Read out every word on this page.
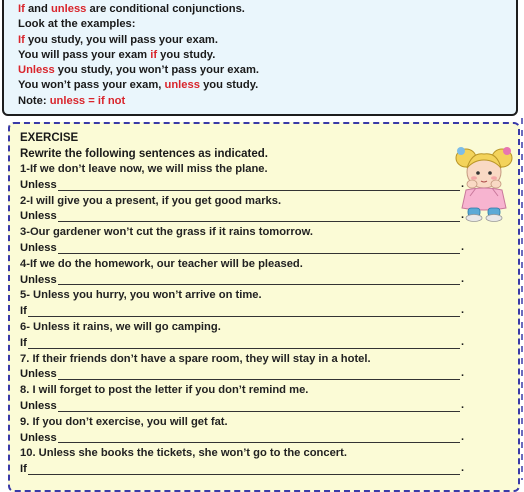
If and unless are conditional conjunctions.
Look at the examples:
If you study, you will pass your exam.
You will pass your exam if you study.
Unless you study, you won’t pass your exam.
You won’t pass your exam, unless you study.
Note: unless = if not
EXERCISE
Rewrite the following sentences as indicated.
1-If we don’t leave now, we will miss the plane.
Unless	.
2-I will give you a present, if you get good marks.
Unless	.
3-Our gardener won’t cut the grass if it rains tomorrow.
Unless	.
4-If we do the homework, our teacher will be pleased.
Unless	.
5- Unless you hurry, you won’t arrive on time.
If	.
6- Unless it rains, we will go camping.
If	.
7. If their friends don’t have a spare room, they will stay in a hotel.
Unless	.
8. I will forget to post the letter if you don’t remind me.
Unless	.
9. If you don’t exercise, you will get fat.
Unless	.
10. Unless she books the tickets, she won’t go to the concert.
If	.
